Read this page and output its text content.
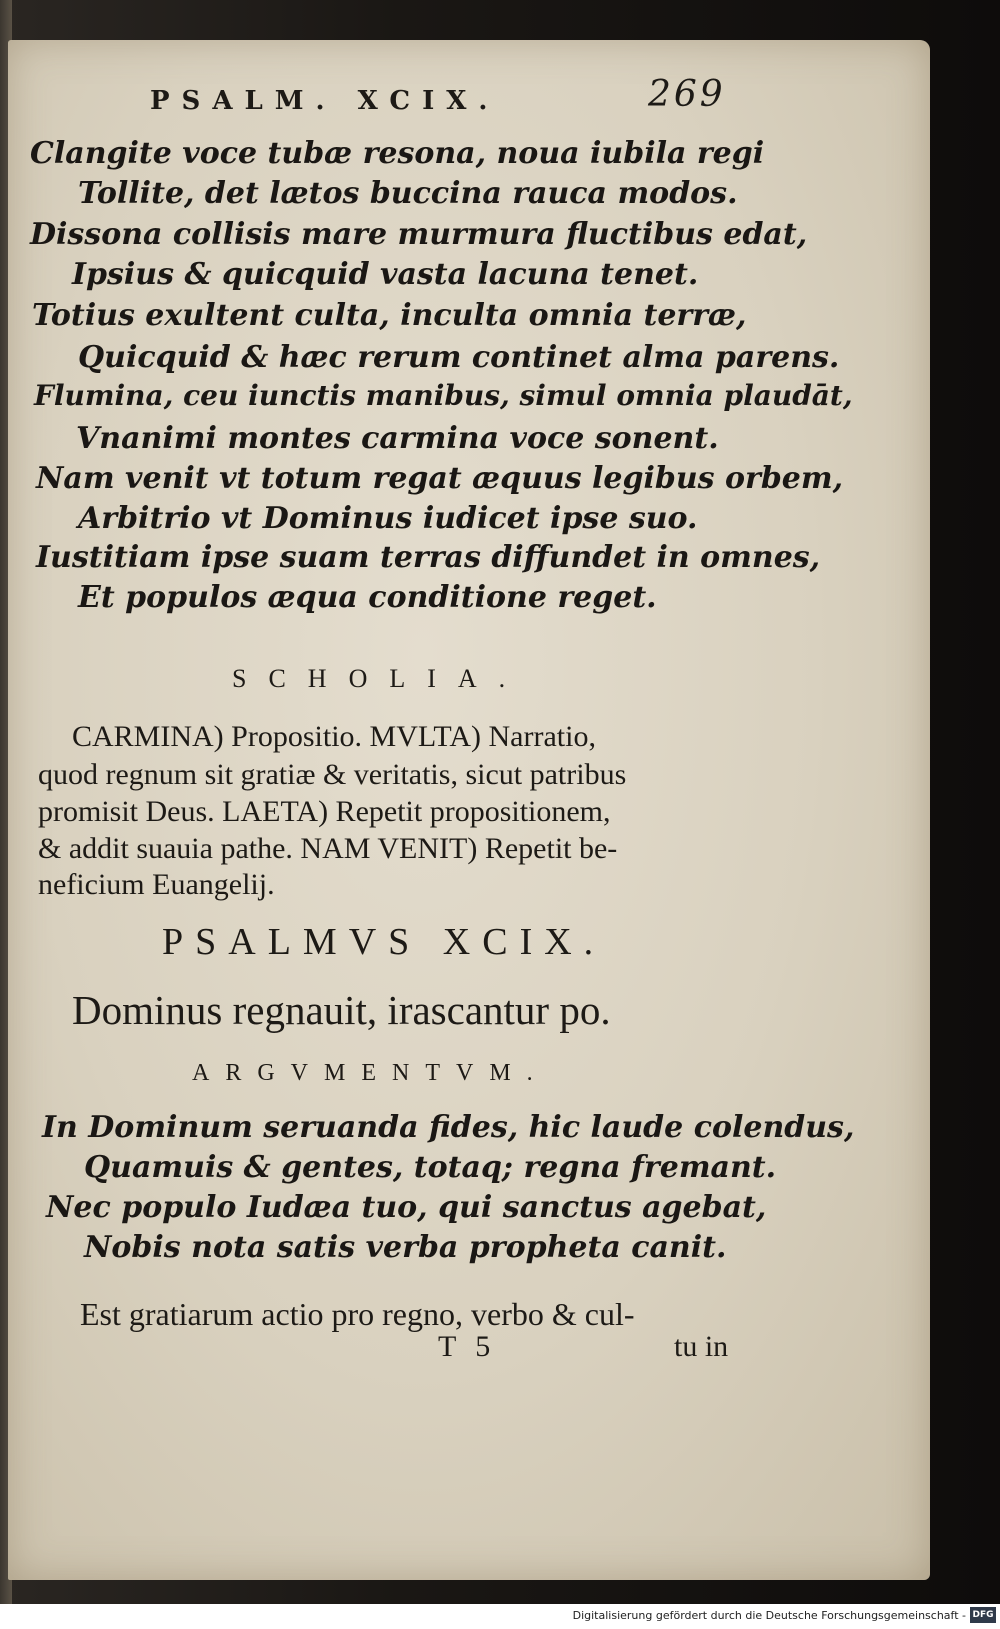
PSALM. XCIX.	269
Clangite voce tubæ resona, noua iubila regi
Tollite, det lætos buccina rauca modos.
Dissona collisis mare murmura fluctibus edat,
Ipsius & quicquid vasta lacuna tenet.
Totius exultent culta, inculta omnia terræ,
Quicquid & hæc rerum continet alma parens.
Flumina, ceu iunctis manibus, simul omnia plaudāt,
Vnanimi montes carmina voce sonent.
Nam venit vt totum regat æquus legibus orbem,
Arbitrio vt Dominus iudicet ipse suo.
Iustitiam ipse suam terras diffundet in omnes,
Et populos æqua conditione reget.
SCHOLIA.
CARMINA) Propositio. MVLTA) Narratio,
quod regnum sit gratiæ & veritatis, sicut patribus
promisit Deus. LAETA) Repetit propositionem,
& addit suauia pathe. NAM VENIT) Repetit be-
neficium Euangelij.
PSALMVS XCIX.
Dominus regnauit, irascantur po.
ARGVMENTVM.
In Dominum seruanda fides, hic laude colendus,
Quamuis & gentes, totaq; regna fremant.
Nec populo Iudæa tuo, qui sanctus agebat,
Nobis nota satis verba propheta canit.
Est gratiarum actio pro regno, verbo & cul-
T 5	tu in
Digitalisierung gefördert durch die Deutsche Forschungsgemeinschaft - DFG
